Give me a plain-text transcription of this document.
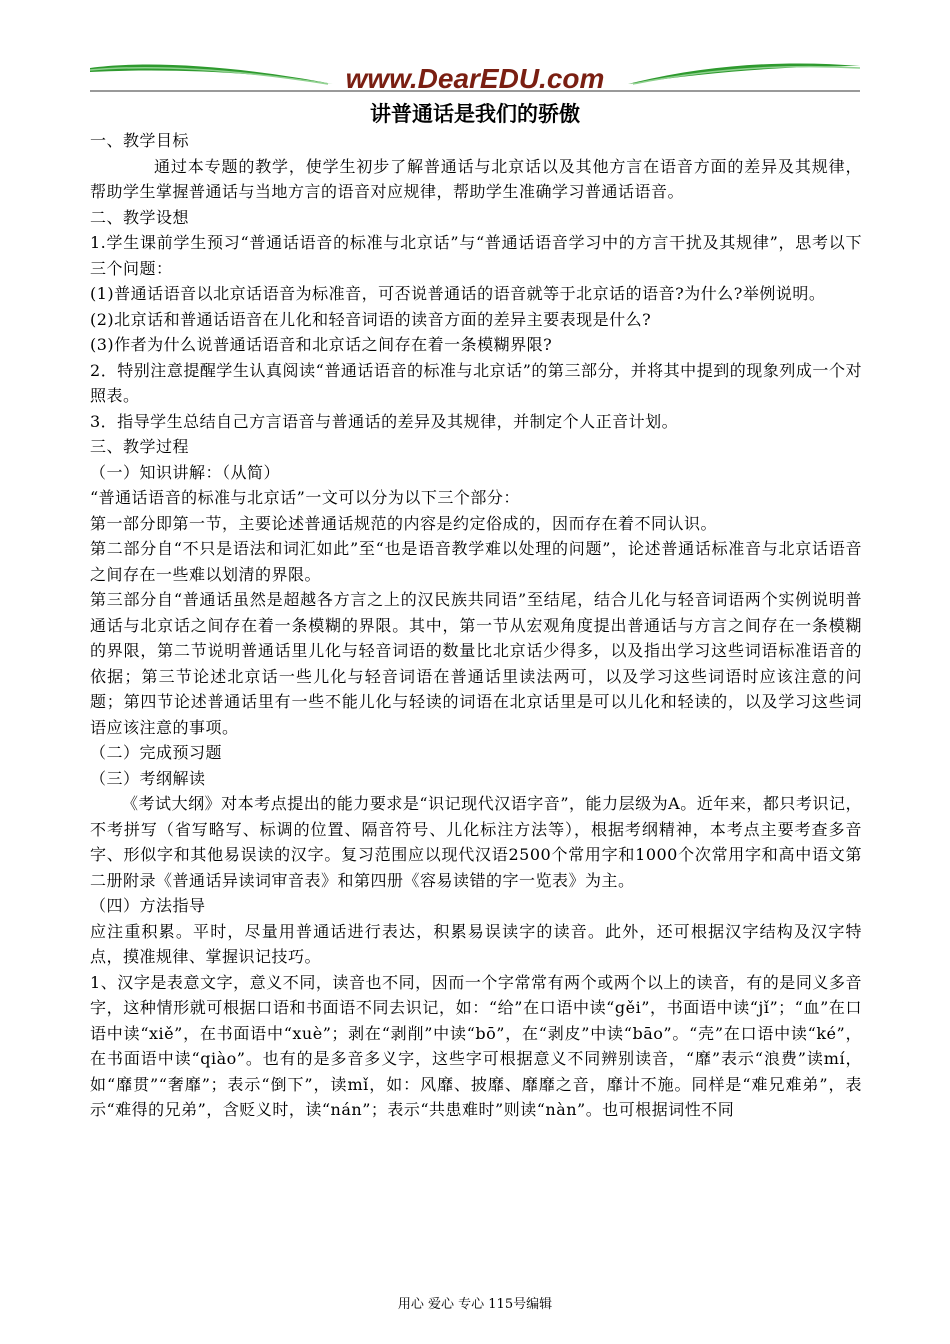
www.DearEDU.com
讲普通话是我们的骄傲

一、教学目标

通过本专题的教学，使学生初步了解普通话与北京话以及其他方言在语音方面的差异及其规律，帮助学生掌握普通话与当地方言的语音对应规律，帮助学生准确学习普通话语音。

二、教学设想

1.学生课前学生预习“普通话语音的标准与北京话”与“普通话语音学习中的方言干扰及其规律”，思考以下三个问题：

(1)普通话语音以北京话语音为标准音，可否说普通话的语音就等于北京话的语音?为什么?举例说明。

(2)北京话和普通话语音在儿化和轻音词语的读音方面的差异主要表现是什么?

(3)作者为什么说普通话语音和北京话之间存在着一条模糊界限?

2．特别注意提醒学生认真阅读“普通话语音的标准与北京话”的第三部分，并将其中提到的现象列成一个对照表。

3．指导学生总结自己方言语音与普通话的差异及其规律，并制定个人正音计划。

三、教学过程

（一）知识讲解：（从简）

“普通话语音的标准与北京话”一文可以分为以下三个部分：

第一部分即第一节，主要论述普通话规范的内容是约定俗成的，因而存在着不同认识。

第二部分自“不只是语法和词汇如此”至“也是语音教学难以处理的问题”，论述普通话标准音与北京话语音之间存在一些难以划清的界限。

第三部分自“普通话虽然是超越各方言之上的汉民族共同语”至结尾，结合儿化与轻音词语两个实例说明普通话与北京话之间存在着一条模糊的界限。其中，第一节从宏观角度提出普通话与方言之间存在一条模糊的界限，第二节说明普通话里儿化与轻音词语的数量比北京话少得多，以及指出学习这些词语标准语音的依据；第三节论述北京话一些儿化与轻音词语在普通话里读法两可，以及学习这些词语时应该注意的问题；第四节论述普通话里有一些不能儿化与轻读的词语在北京话里是可以儿化和轻读的，以及学习这些词语应该注意的事项。

（二）完成预习题

（三）考纲解读

《考试大纲》对本考点提出的能力要求是“识记现代汉语字音”，能力层级为A。近年来，都只考识记，不考拼写（省写略写、标调的位置、隔音符号、儿化标注方法等），根据考纲精神，本考点主要考查多音字、形似字和其他易误读的汉字。复习范围应以现代汉语2500个常用字和1000个次常用字和高中语文第二册附录《普通话异读词审音表》和第四册《容易读错的字一览表》为主。

（四）方法指导

应注重积累。平时，尽量用普通话进行表达，积累易误读字的读音。此外，还可根据汉字结构及汉字特点，摸准规律、掌握识记技巧。

1、汉字是表意文字，意义不同，读音也不同，因而一个字常常有两个或两个以上的读音，有的是同义多音字，这种情形就可根据口语和书面语不同去识记，如：“给”在口语中读“gěi”，书面语中读“jǐ”；“血”在口语中读“xiě”，在书面语中“xuè”；剥在“剥削”中读“bō”，在“剥皮”中读“bāo”。“壳”在口语中读“ké”，在书面语中读“qiào”。也有的是多音多义字，这些字可根据意义不同辨别读音，“靡”表示“浪费”读mí，如“靡贯”“奢靡”；表示“倒下”，读mǐ，如：风靡、披靡、靡靡之音，靡计不施。同样是“难兄难弟”，表示“难得的兄弟”，含贬义时，读“nán”；表示“共患难时”则读“nàn”。也可根据词性不同

用心 爱心 专心 115号编辑
